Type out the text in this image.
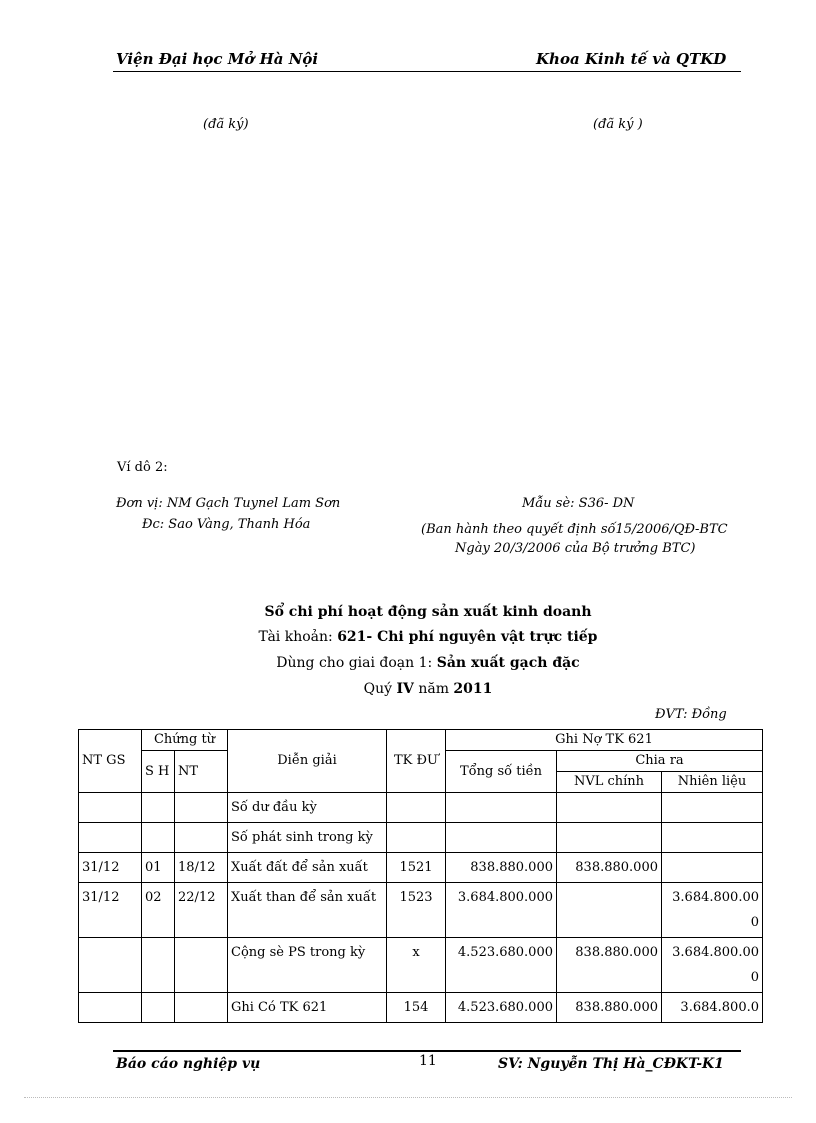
Viện Đại học Mở Hà Nội	Khoa Kinh tế và QTKD
(đã ký)	(đã ký )
Ví dô 2:
Đơn vị: NM Gạch Tuynel Lam Sơn
Đc: Sao Vàng, Thanh Hóa
Mẫu sè: S36- DN
(Ban hành theo quyết định số15/2006/QĐ-BTC
Ngày 20/3/2006 của Bộ trưởng BTC)
Sổ chi phí hoạt động sản xuất kinh doanh
Tài khoản: 621- Chi phí nguyên vật trực tiếp
Dùng cho giai đoạn 1: Sản xuất gạch đặc
Quý IV năm 2011
ĐVT: Đồng
NT GS	Chứng từ		Diễn giải	TK ĐƯ	Ghi Nợ TK 621		
	S H	NT			Tổng số tiền	Chia ra	
						NVL chính	Nhiên liệu
			Số dư đầu kỳ				
			Số phát sinh trong kỳ				
31/12	01	18/12	Xuất đất để sản xuất	1521	838.880.000	838.880.000	
31/12	02	22/12	Xuất than để sản xuất	1523	3.684.800.000		3.684.800.000
			Cộng sè PS trong kỳ	x	4.523.680.000	838.880.000	3.684.800.000
			Ghi Có TK 621	154	4.523.680.000	838.880.000	3.684.800.0
Báo cáo nghiệp vụ	11	SV: Nguyễn Thị Hà_CĐKT-K1
